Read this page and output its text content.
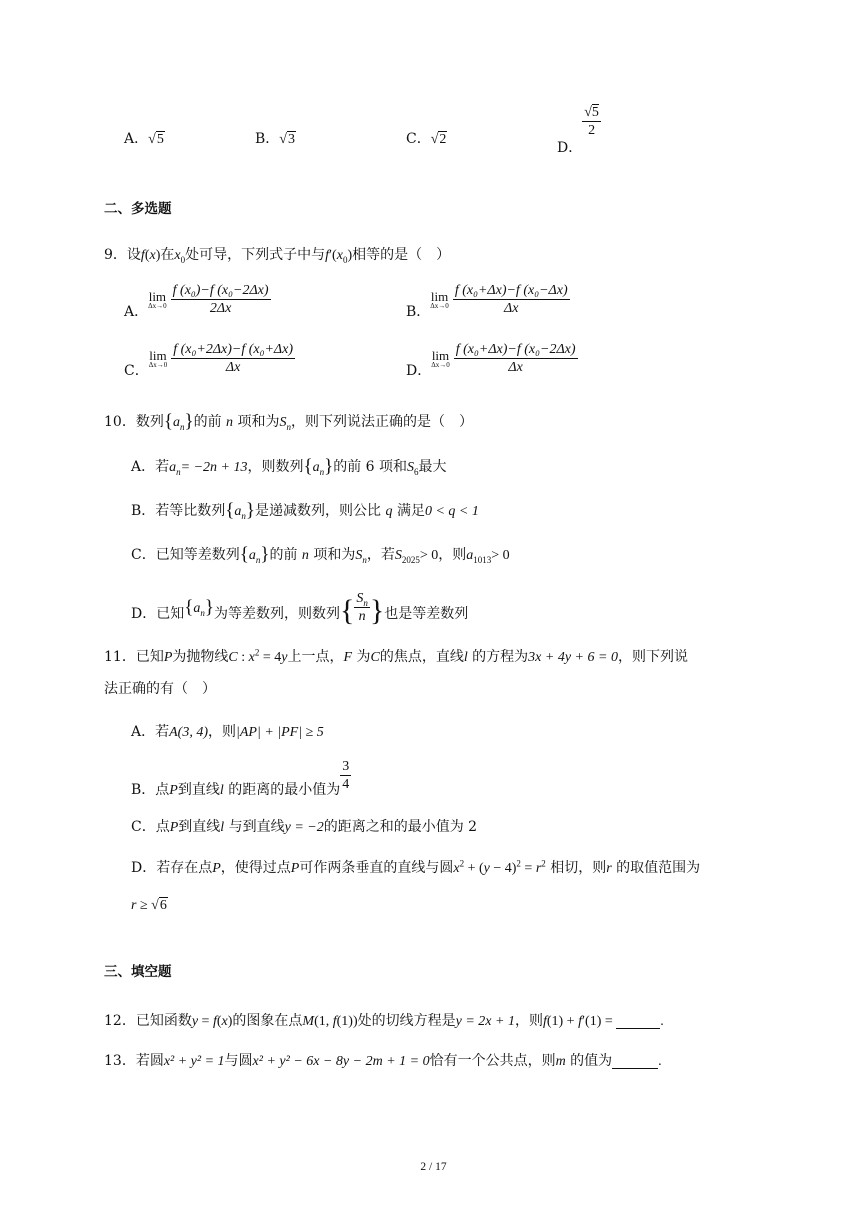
A．√5	B．√3	C．√2
D．
$\frac{√5}{2}$
二、多选题
9．设f(x)在$x_0$处可导，下列式子中与$f'(x_0)$相等的是（　）
A．
lim
$\Delta x\to 0 \frac{\text{f (x₀)−f (x₀−2Δx)}}{2\Delta x}$	B．
lim
$\Delta x\to 0 \frac{\text{f (x₀+Δx)−f (x₀−Δx)}}{\Delta x}$
C．
lim
$\Delta x\to 0 \frac{\text{f (x₀+2Δx)−f (x₀+Δx)}}{\Delta x}$	D．
lim
$\Delta x\to 0 \frac{\text{f (x₀+Δx)−f (x₀−2Δx)}}{\Delta x}$
10．数列$\{a_n\}$的前 n 项和为$S_n$，则下列说法正确的是（　）
A．若$a_n= -2n + 13$，则数列$\{a_n\}$的前 6 项和$S_6$最大
B．若等比数列$\{a_n\}$是递减数列，则公比 q 满足0 < q < 1
C．已知等差数列$\{a_n\}$的前 n 项和为$S_n$，若$S_{2025}> 0$，则$a_{1013}> 0$
D．已知$\{a_n\}$为等差数列，则数列{ $\frac{S_n}{n}$ }也是等差数列
11．已知P为抛物线C : $x^2 = 4y$上一点，F 为C的焦点，直线l 的方程为3x + 4y + 6 = 0，则下列说
法正确的有（　）
A．若A(3, 4)，则|AP| + |PF| ≥ 5
B．点P到直线l 的距离的最小值为 $\frac{3}{4}$
C．点P到直线l 与到直线y = −2的距离之和的最小值为 2
D．若存在点P，使得过点P可作两条垂直的直线与圆$x^2 + (y - 4)^2 = r^2$ 相切，则r 的取值范围为
r ≥ √6
三、填空题
12．已知函数y = f(x)的图象在点M(1, f(1))处的切线方程是y = 2x + 1，则f(1) + f′(1) =	.
13．若圆x² + y² = 1与圆x² + y² − 6x − 8y − 2m + 1 = 0恰有一个公共点，则m 的值为	.
2 / 17
